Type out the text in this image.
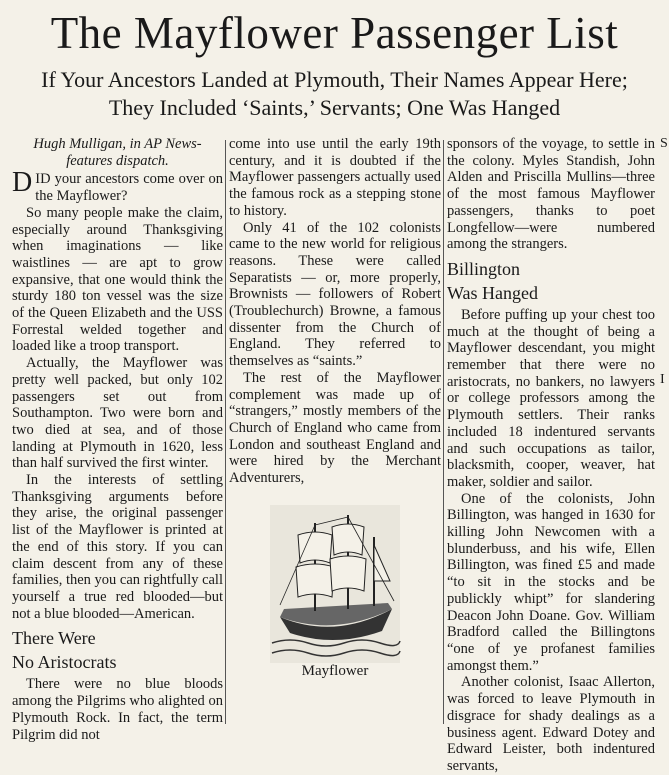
The Mayflower Passenger List
If Your Ancestors Landed at Plymouth, Their Names Appear Here;
They Included ‘Saints,’ Servants; One Was Hanged

Hugh Mulligan, in AP News-features dispatch.

DID your ancestors come over on the Mayflower?

So many people make the claim, especially around Thanksgiving when imaginations — like waistlines — are apt to grow expansive, that one would think the sturdy 180 ton vessel was the size of the Queen Elizabeth and the USS Forrestal welded together and loaded like a troop transport.

Actually, the Mayflower was pretty well packed, but only 102 passengers set out from Southampton. Two were born and two died at sea, and of those landing at Plymouth in 1620, less than half survived the first winter.

In the interests of settling Thanksgiving arguments before they arise, the original passenger list of the Mayflower is printed at the end of this story. If you can claim descent from any of these families, then you can rightfully call yourself a true red blooded—but not a blue blooded—American.

There Were
No Aristocrats

There were no blue bloods among the Pilgrims who alighted on Plymouth Rock. In fact, the term Pilgrim did not

come into use until the early 19th century, and it is doubted if the Mayflower passengers actually used the famous rock as a stepping stone to history.

Only 41 of the 102 colonists came to the new world for religious reasons. These were called Separatists — or, more properly, Brownists — followers of Robert (Troublechurch) Browne, a famous dissenter from the Church of England. They referred to themselves as “saints.”

The rest of the Mayflower complement was made up of “strangers,” mostly members of the Church of England who came from London and southeast England and were hired by the Merchant Adventurers,

Mayflower

sponsors of the voyage, to settle in the colony. Myles Standish, John Alden and Priscilla Mullins—three of the most famous Mayflower passengers, thanks to poet Longfellow—were numbered among the strangers.

Billington
Was Hanged

Before puffing up your chest too much at the thought of being a Mayflower descendant, you might remember that there were no aristocrats, no bankers, no lawyers or college professors among the Plymouth settlers. Their ranks included 18 indentured servants and such occupations as tailor, blacksmith, cooper, weaver, hat maker, soldier and sailor.

One of the colonists, John Billington, was hanged in 1630 for killing John Newcomen with a blunderbuss, and his wife, Ellen Billington, was fined £5 and made “to sit in the stocks and be publickly whipt” for slandering Deacon John Doane. Gov. William Bradford called the Billingtons “one of ye profanest families amongst them.”

Another colonist, Isaac Allerton, was forced to leave Plymouth in disgrace for shady dealings as a business agent. Edward Dotey and Edward Leister, both indentured servants,

S
I
